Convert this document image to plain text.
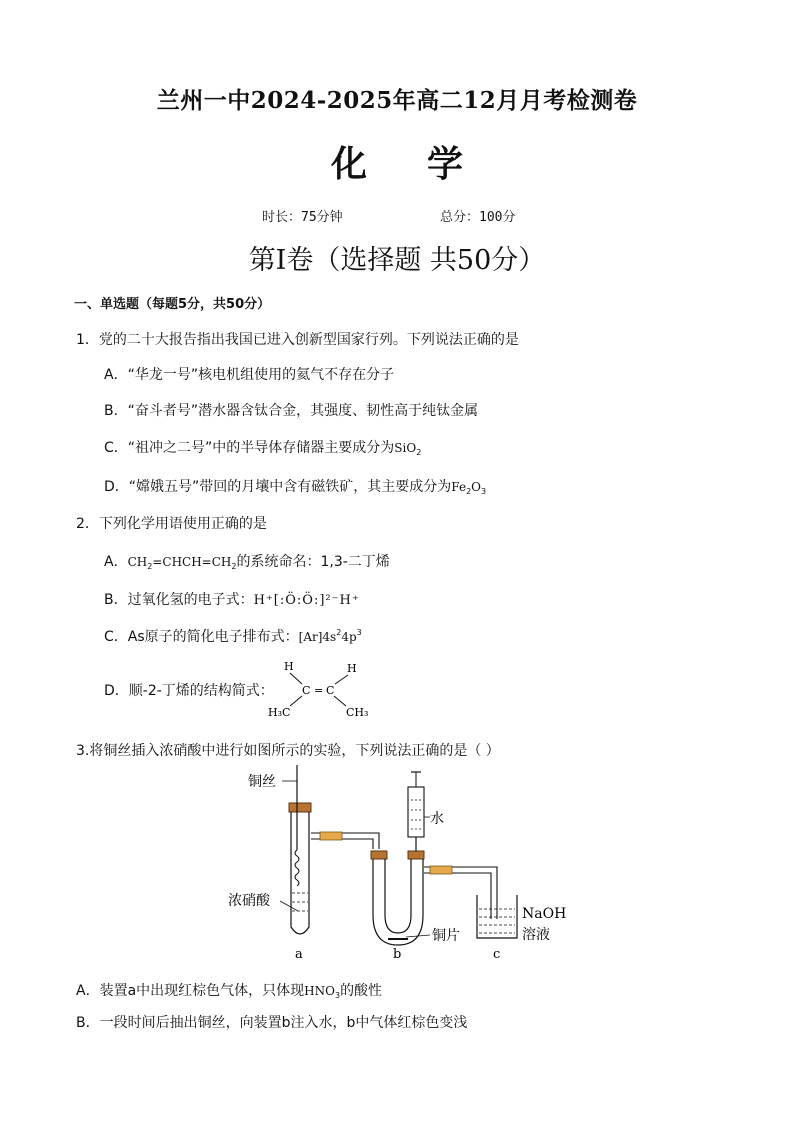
兰州一中2024-2025年高二12月月考检测卷
化 学
时长：75分钟	总分：100分
第Ⅰ卷（选择题 共50分）
一、单选题（每题5分，共50分）
1．党的二十大报告指出我国已进入创新型国家行列。下列说法正确的是
A．“华龙一号”核电机组使用的氦气不存在分子
B．“奋斗者号”潜水器含钛合金，其强度、韧性高于纯钛金属
C．“祖冲之二号”中的半导体存储器主要成分为SiO$_2$
D．“嫦娥五号”带回的月壤中含有磁铁矿，其主要成分为$Fe_2O_3$
2．下列化学用语使用正确的是
A．$CH_2=CHCH=CH_2$的系统命名：1,3-二丁烯
B．过氧化氢的电子式：H⁺[:Ö:Ö:]²⁻H⁺
C．As原子的简化电子排布式：$[Ar]4s^24p^3$
D．顺-2-丁烯的结构简式：
H	H
C = C
H₃C	CH₃
3.将铜丝插入浓硝酸中进行如图所示的实验，下列说法正确的是（ ）
铜丝
浓硝酸
铜片
水
NaOH
溶液
a	b	c
A．装置a中出现红棕色气体，只体现$HNO_3$的酸性
B．一段时间后抽出铜丝，向装置b注入水，b中气体红棕色变浅
